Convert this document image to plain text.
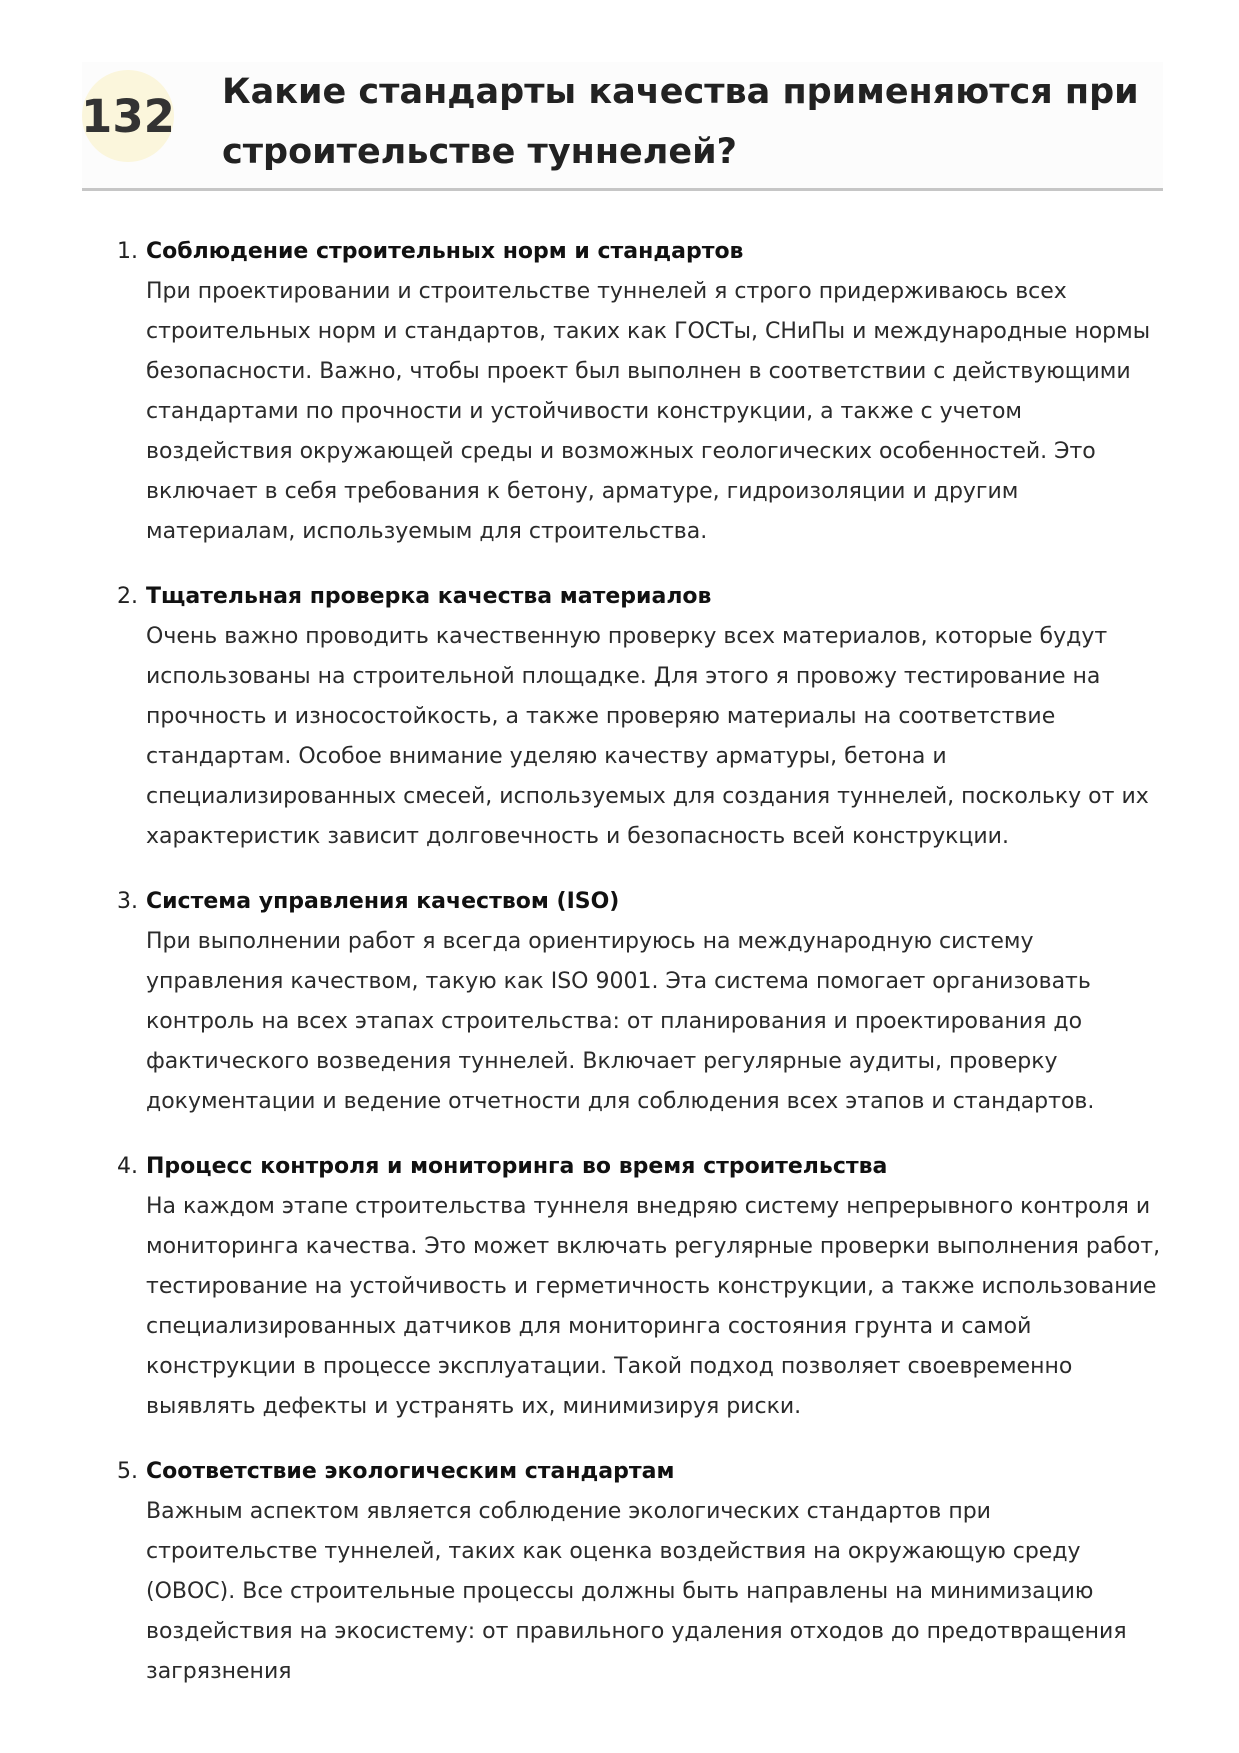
132 Какие стандарты качества применяются при строительстве туннелей?
1. Соблюдение строительных норм и стандартов

При проектировании и строительстве туннелей я строго придерживаюсь всех строительных норм и стандартов, таких как ГОСТы, СНиПы и международные нормы безопасности. Важно, чтобы проект был выполнен в соответствии с действующими стандартами по прочности и устойчивости конструкции, а также с учетом воздействия окружающей среды и возможных геологических особенностей. Это включает в себя требования к бетону, арматуре, гидроизоляции и другим материалам, используемым для строительства.

2. Тщательная проверка качества материалов

Очень важно проводить качественную проверку всех материалов, которые будут использованы на строительной площадке. Для этого я провожу тестирование на прочность и износостойкость, а также проверяю материалы на соответствие стандартам. Особое внимание уделяю качеству арматуры, бетона и специализированных смесей, используемых для создания туннелей, поскольку от их характеристик зависит долговечность и безопасность всей конструкции.

3. Система управления качеством (ISO)

При выполнении работ я всегда ориентируюсь на международную систему управления качеством, такую как ISO 9001. Эта система помогает организовать контроль на всех этапах строительства: от планирования и проектирования до фактического возведения туннелей. Включает регулярные аудиты, проверку документации и ведение отчетности для соблюдения всех этапов и стандартов.

4. Процесс контроля и мониторинга во время строительства

На каждом этапе строительства туннеля внедряю систему непрерывного контроля и мониторинга качества. Это может включать регулярные проверки выполнения работ, тестирование на устойчивость и герметичность конструкции, а также использование специализированных датчиков для мониторинга состояния грунта и самой конструкции в процессе эксплуатации. Такой подход позволяет своевременно выявлять дефекты и устранять их, минимизируя риски.

5. Соответствие экологическим стандартам

Важным аспектом является соблюдение экологических стандартов при строительстве туннелей, таких как оценка воздействия на окружающую среду (ОВОС). Все строительные процессы должны быть направлены на минимизацию воздействия на экосистему: от правильного удаления отходов до предотвращения загрязнения
